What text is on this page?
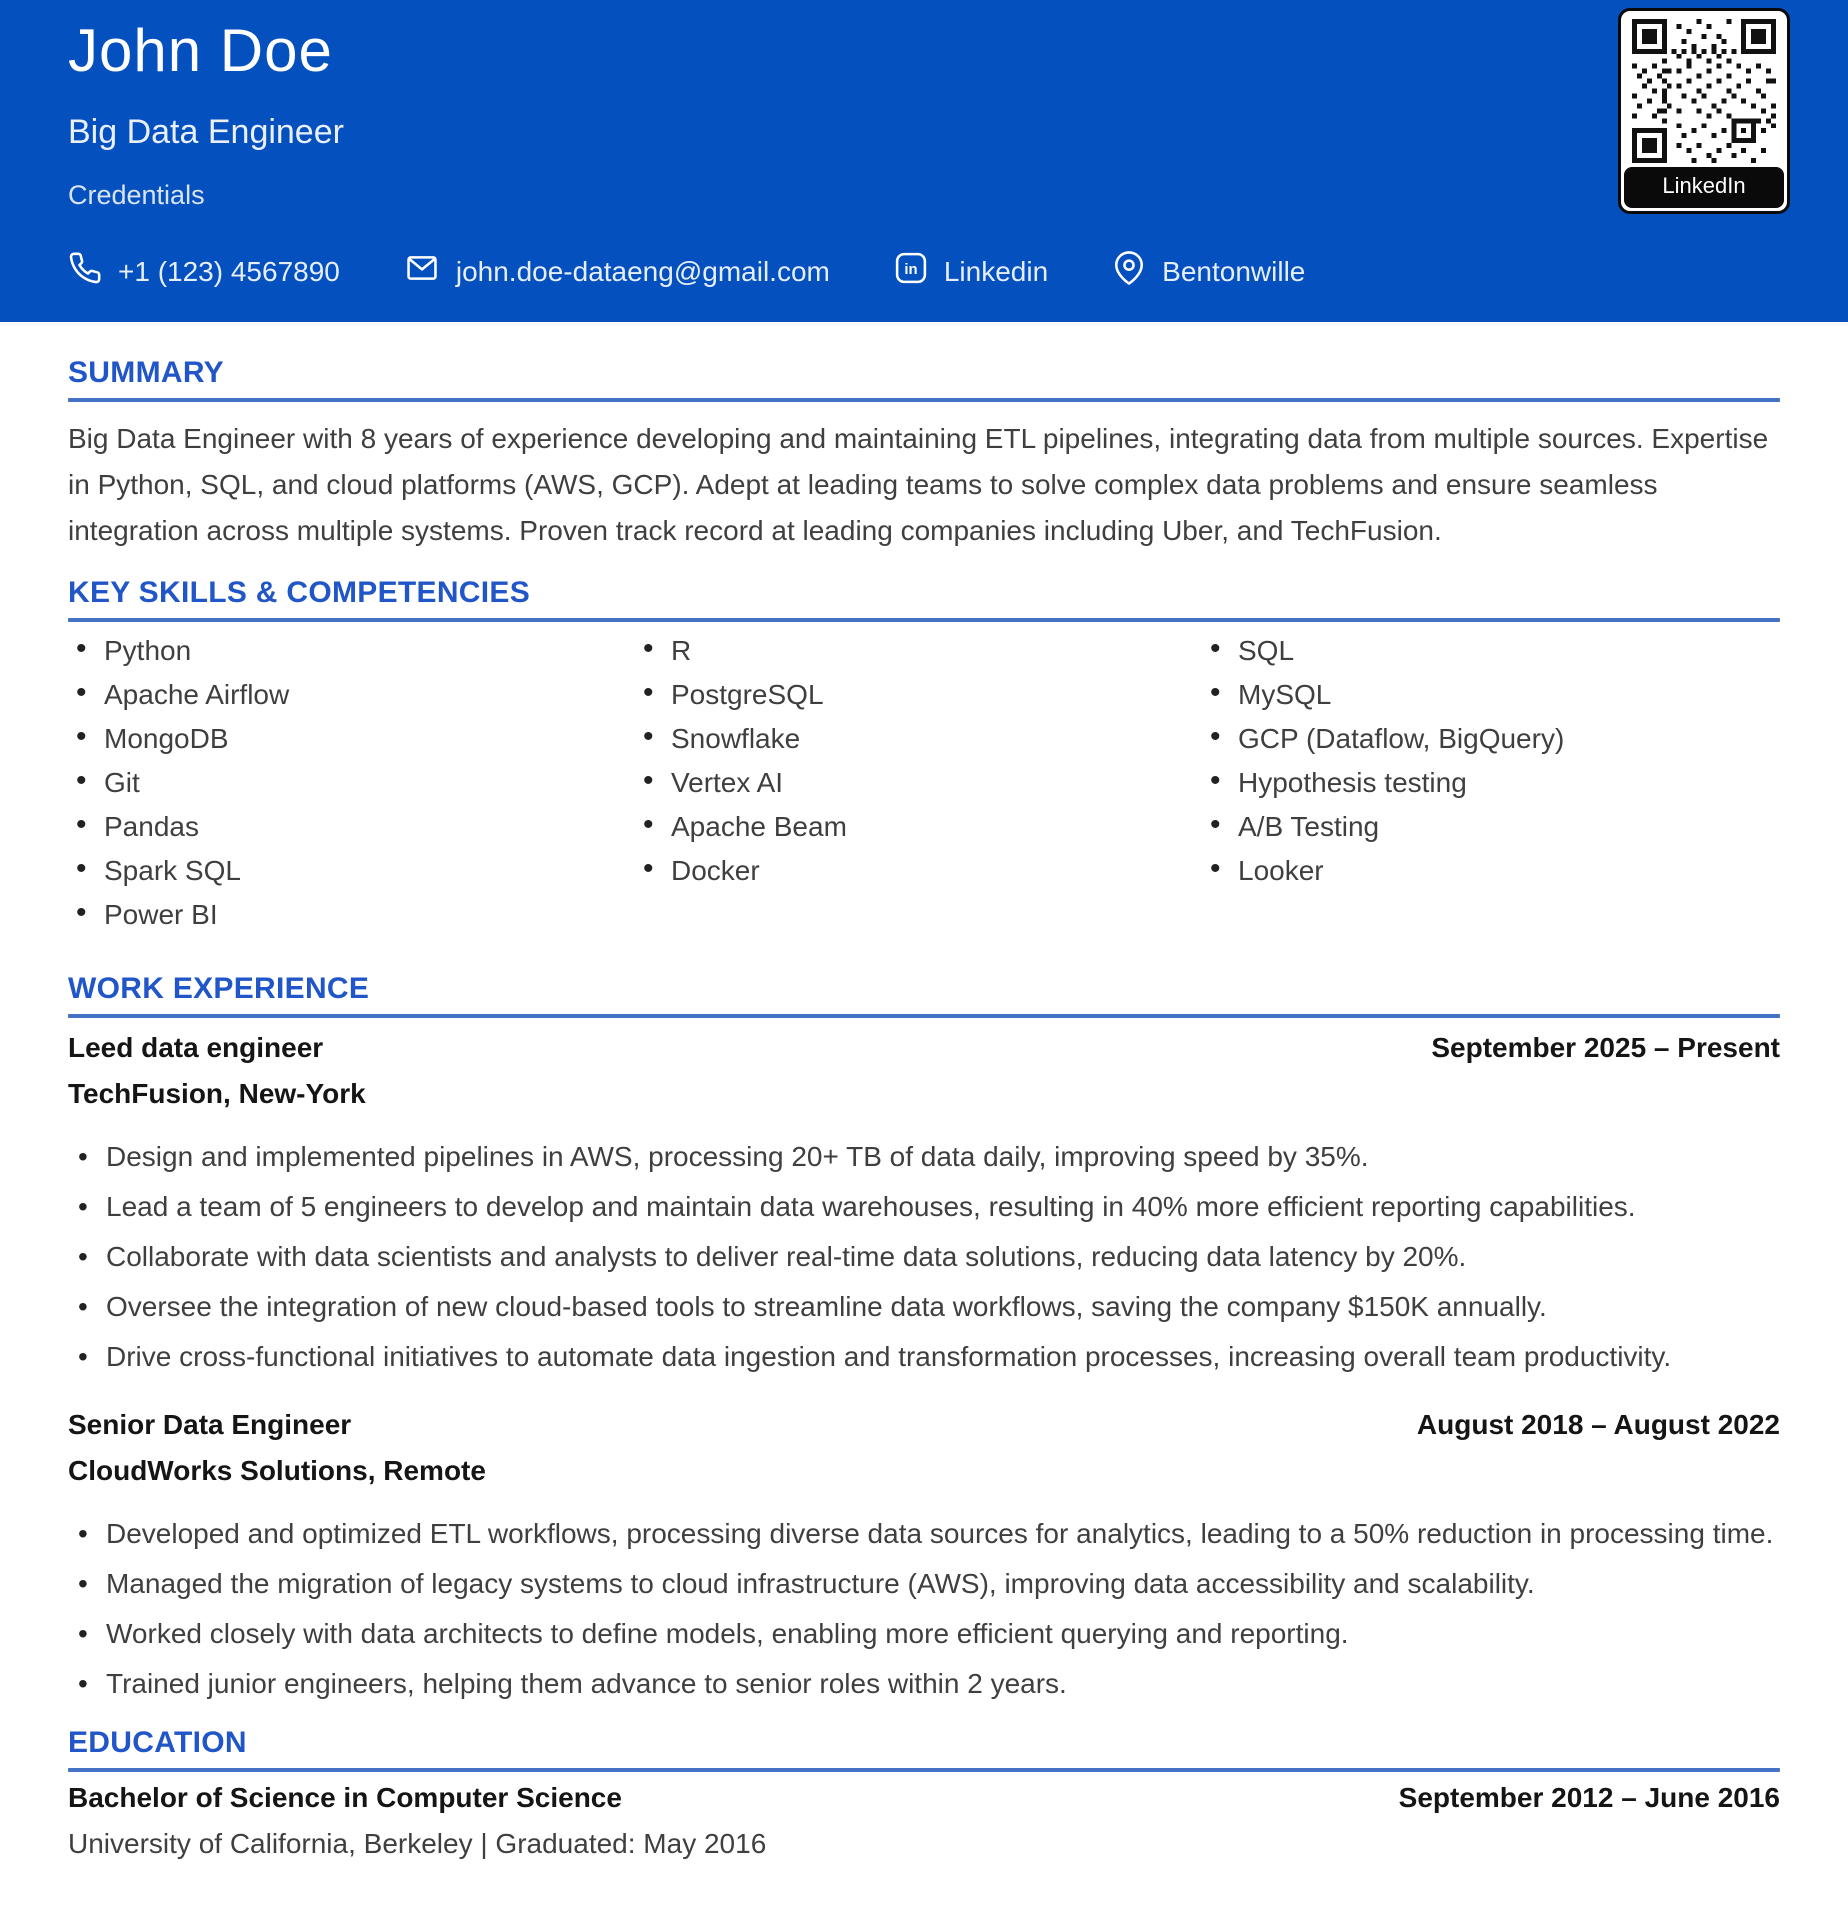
John Doe
Big Data Engineer
Credentials
+1 (123) 4567890	john.doe-dataeng@gmail.com	in Linkedin	Bentonwille
LinkedIn
SUMMARY

Big Data Engineer with 8 years of experience developing and maintaining ETL pipelines, integrating data from multiple sources. Expertise in Python, SQL, and cloud platforms (AWS, GCP). Adept at leading teams to solve complex data problems and ensure seamless integration across multiple systems. Proven track record at leading companies including Uber, and TechFusion.

KEY SKILLS & COMPETENCIES
• Python
• Apache Airflow
• MongoDB
• Git
• Pandas
• Spark SQL
• Power BI
• R
• PostgreSQL
• Snowflake
• Vertex AI
• Apache Beam
• Docker
• SQL
• MySQL
• GCP (Dataflow, BigQuery)
• Hypothesis testing
• A/B Testing
• Looker
WORK EXPERIENCE
Leed data engineer	September 2025 – Present
TechFusion, New-York
• Design and implemented pipelines in AWS, processing 20+ TB of data daily, improving speed by 35%.
• Lead a team of 5 engineers to develop and maintain data warehouses, resulting in 40% more efficient reporting capabilities.
• Collaborate with data scientists and analysts to deliver real-time data solutions, reducing data latency by 20%.
• Oversee the integration of new cloud-based tools to streamline data workflows, saving the company $150K annually.
• Drive cross-functional initiatives to automate data ingestion and transformation processes, increasing overall team productivity.
Senior Data Engineer	August 2018 – August 2022
CloudWorks Solutions, Remote
• Developed and optimized ETL workflows, processing diverse data sources for analytics, leading to a 50% reduction in processing time.
• Managed the migration of legacy systems to cloud infrastructure (AWS), improving data accessibility and scalability.
• Worked closely with data architects to define models, enabling more efficient querying and reporting.
• Trained junior engineers, helping them advance to senior roles within 2 years.
EDUCATION
Bachelor of Science in Computer Science	September 2012 – June 2016
University of California, Berkeley | Graduated: May 2016
